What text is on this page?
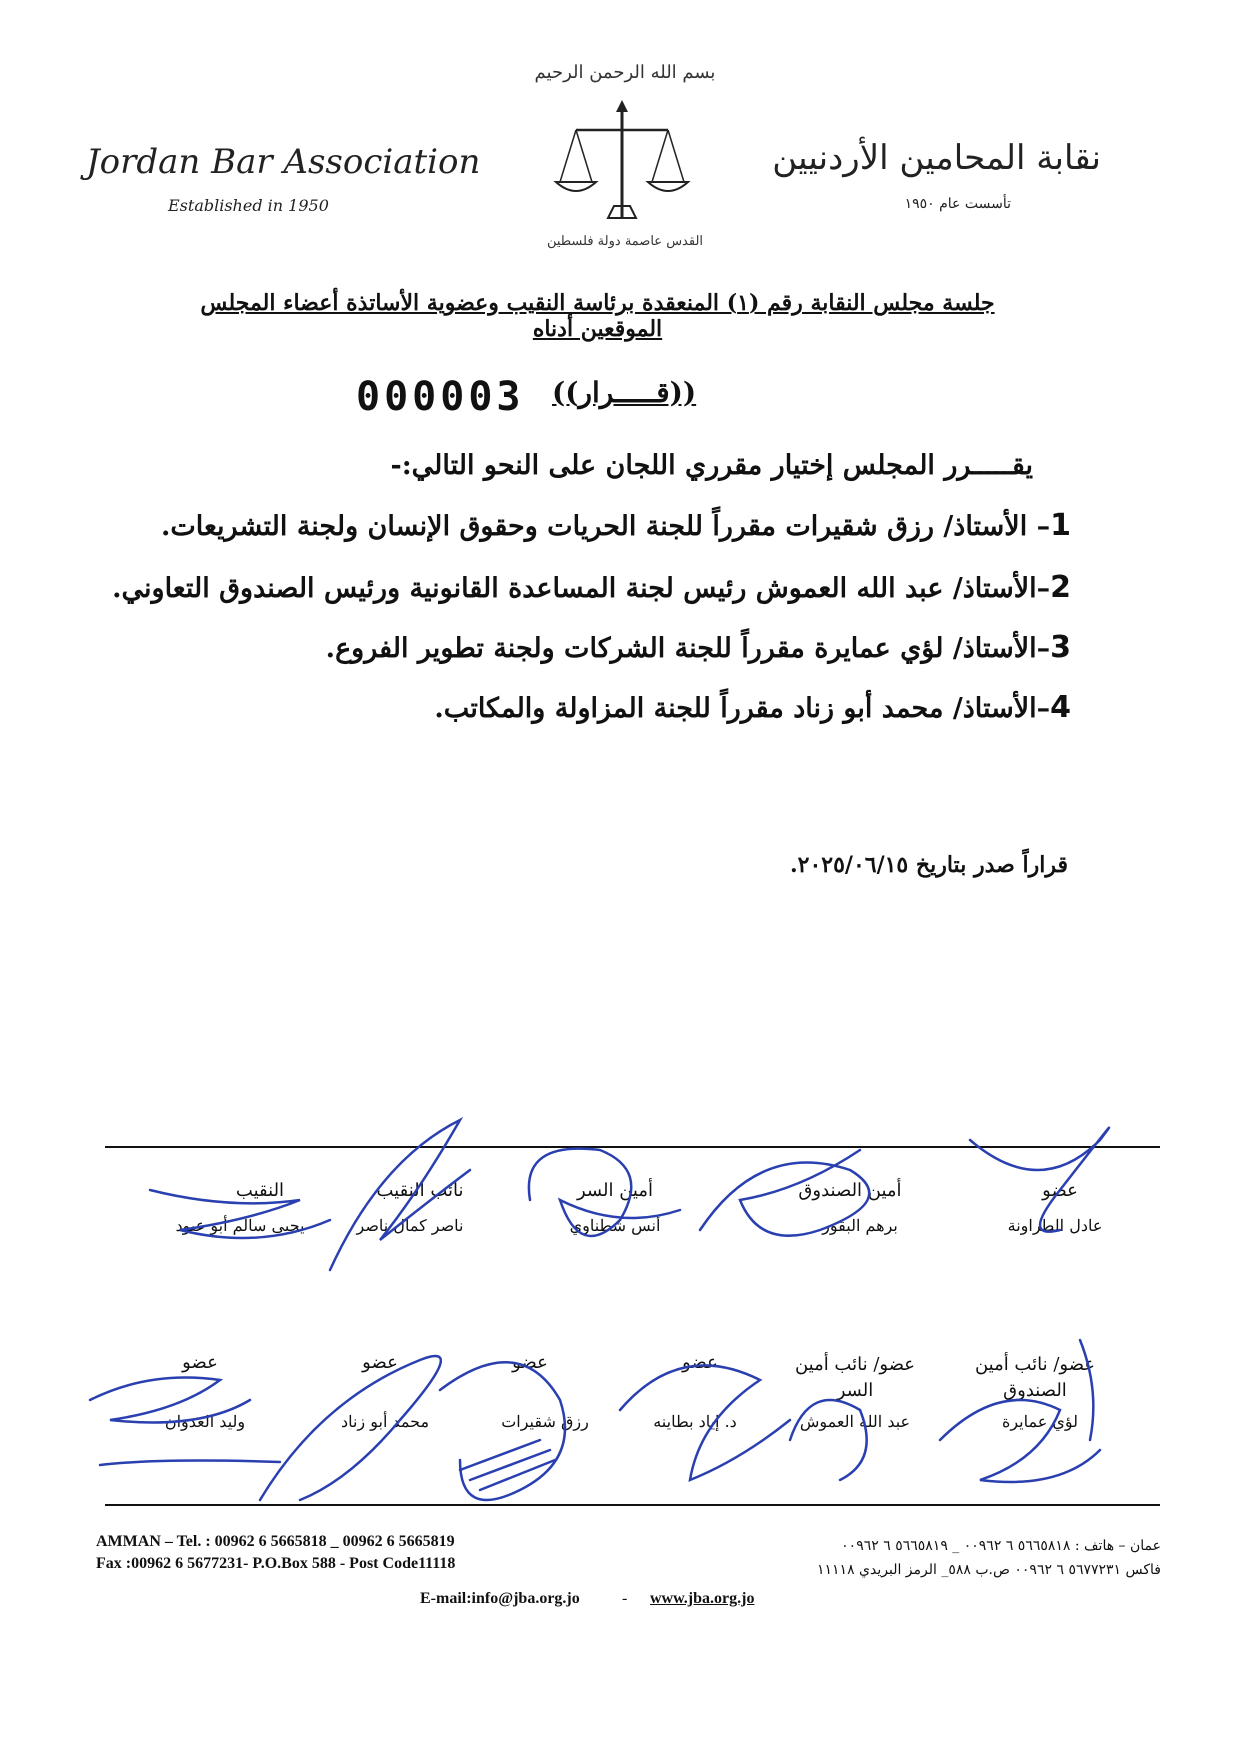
Jordan Bar Association
Established in 1950
نقابة المحامين الأردنيين
تأسست عام ١٩٥٠
بسم الله الرحمن الرحيم
القدس عاصمة دولة فلسطين
جلسة مجلس النقابة رقم (١) المنعقدة برئاسة النقيب وعضوية الأساتذة أعضاء المجلس الموقعين أدناه
000003 ((قـــــرار))
يقـــــرر المجلس إختيار مقرري اللجان على النحو التالي:-
1– الأستاذ/ رزق شقيرات مقرراً للجنة الحريات وحقوق الإنسان ولجنة التشريعات.
2–الأستاذ/ عبد الله العموش رئيس لجنة المساعدة القانونية ورئيس الصندوق التعاوني.
3–الأستاذ/ لؤي عمايرة مقرراً للجنة الشركات ولجنة تطوير الفروع.
4–الأستاذ/ محمد أبو زناد مقرراً للجنة المزاولة والمكاتب.
قراراً صدر بتاريخ ٢٠٢٥/٠٦/١٥.
النقيب
يحيى سالم أبو عبود
نائب النقيب
ناصر كمال ناصر
أمين السر
أنس شطناوي
أمين الصندوق
برهم البقور
عضو
عادل الطراونة
عضو
وليد العدوان
عضو
محمد أبو زناد
عضو
رزق شقيرات
عضو
د. إياد بطاينه
عضو/ نائب أمين السر
عبد الله العموش
عضو/ نائب أمين الصندوق
لؤي عمايرة
AMMAN – Tel. : 00962 6 5665818 _ 00962 6 5665819
Fax :00962 6 5677231- P.O.Box 588 - Post Code11118
عمان – هاتف : ٥٦٦٥٨١٨ ٦ ٠٠٩٦٢ _ ٥٦٦٥٨١٩ ٦ ٠٠٩٦٢
فاكس ٥٦٧٧٢٣١ ٦ ٠٠٩٦٢ ص.ب ٥٨٨_ الرمز البريدي ١١١١٨
E-mail:info@jba.org.jo	- www.jba.org.jo
